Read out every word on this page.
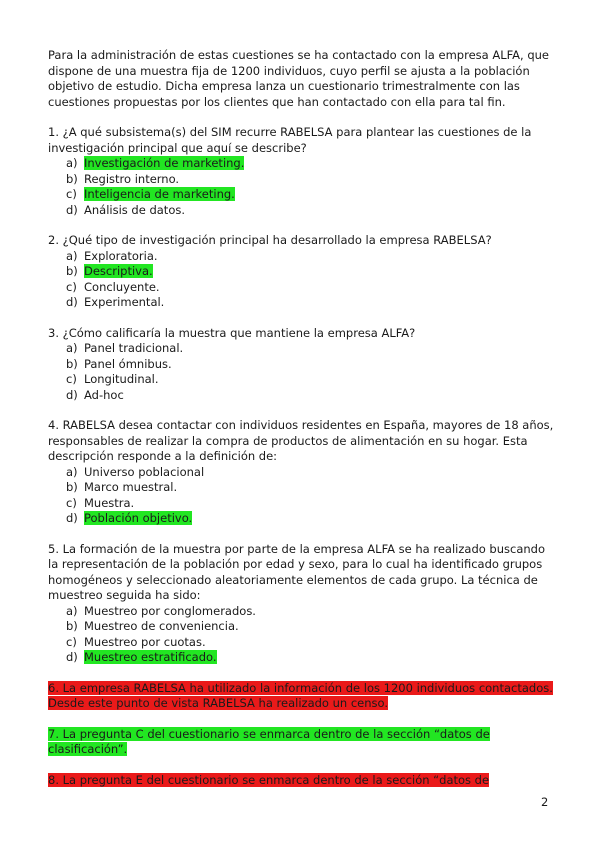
Para la administración de estas cuestiones se ha contactado con la empresa ALFA, que dispone de una muestra fija de 1200 individuos, cuyo perfil se ajusta a la población objetivo de estudio. Dicha empresa lanza un cuestionario trimestralmente con las cuestiones propuestas por los clientes que han contactado con ella para tal fin.

1. ¿A qué subsistema(s) del SIM recurre RABELSA para plantear las cuestiones de la investigación principal que aquí se describe?

a) Investigación de marketing.
b) Registro interno.
c) Inteligencia de marketing.
d) Análisis de datos.

2. ¿Qué tipo de investigación principal ha desarrollado la empresa RABELSA?

a) Exploratoria.
b) Descriptiva.
c) Concluyente.
d) Experimental.

3. ¿Cómo calificaría la muestra que mantiene la empresa ALFA?

a) Panel tradicional.
b) Panel ómnibus.
c) Longitudinal.
d) Ad-hoc

4. RABELSA desea contactar con individuos residentes en España, mayores de 18 años, responsables de realizar la compra de productos de alimentación en su hogar. Esta descripción responde a la definición de:

a) Universo poblacional
b) Marco muestral.
c) Muestra.
d) Población objetivo.

5. La formación de la muestra por parte de la empresa ALFA se ha realizado buscando la representación de la población por edad y sexo, para lo cual ha identificado grupos homogéneos y seleccionado aleatoriamente elementos de cada grupo. La técnica de muestreo seguida ha sido:

a) Muestreo por conglomerados.
b) Muestreo de conveniencia.
c) Muestreo por cuotas.
d) Muestreo estratificado.

6. La empresa RABELSA ha utilizado la información de los 1200 individuos contactados. Desde este punto de vista RABELSA ha realizado un censo.

7. La pregunta C del cuestionario se enmarca dentro de la sección “datos de clasificación”.

8. La pregunta E del cuestionario se enmarca dentro de la sección “datos de

2
